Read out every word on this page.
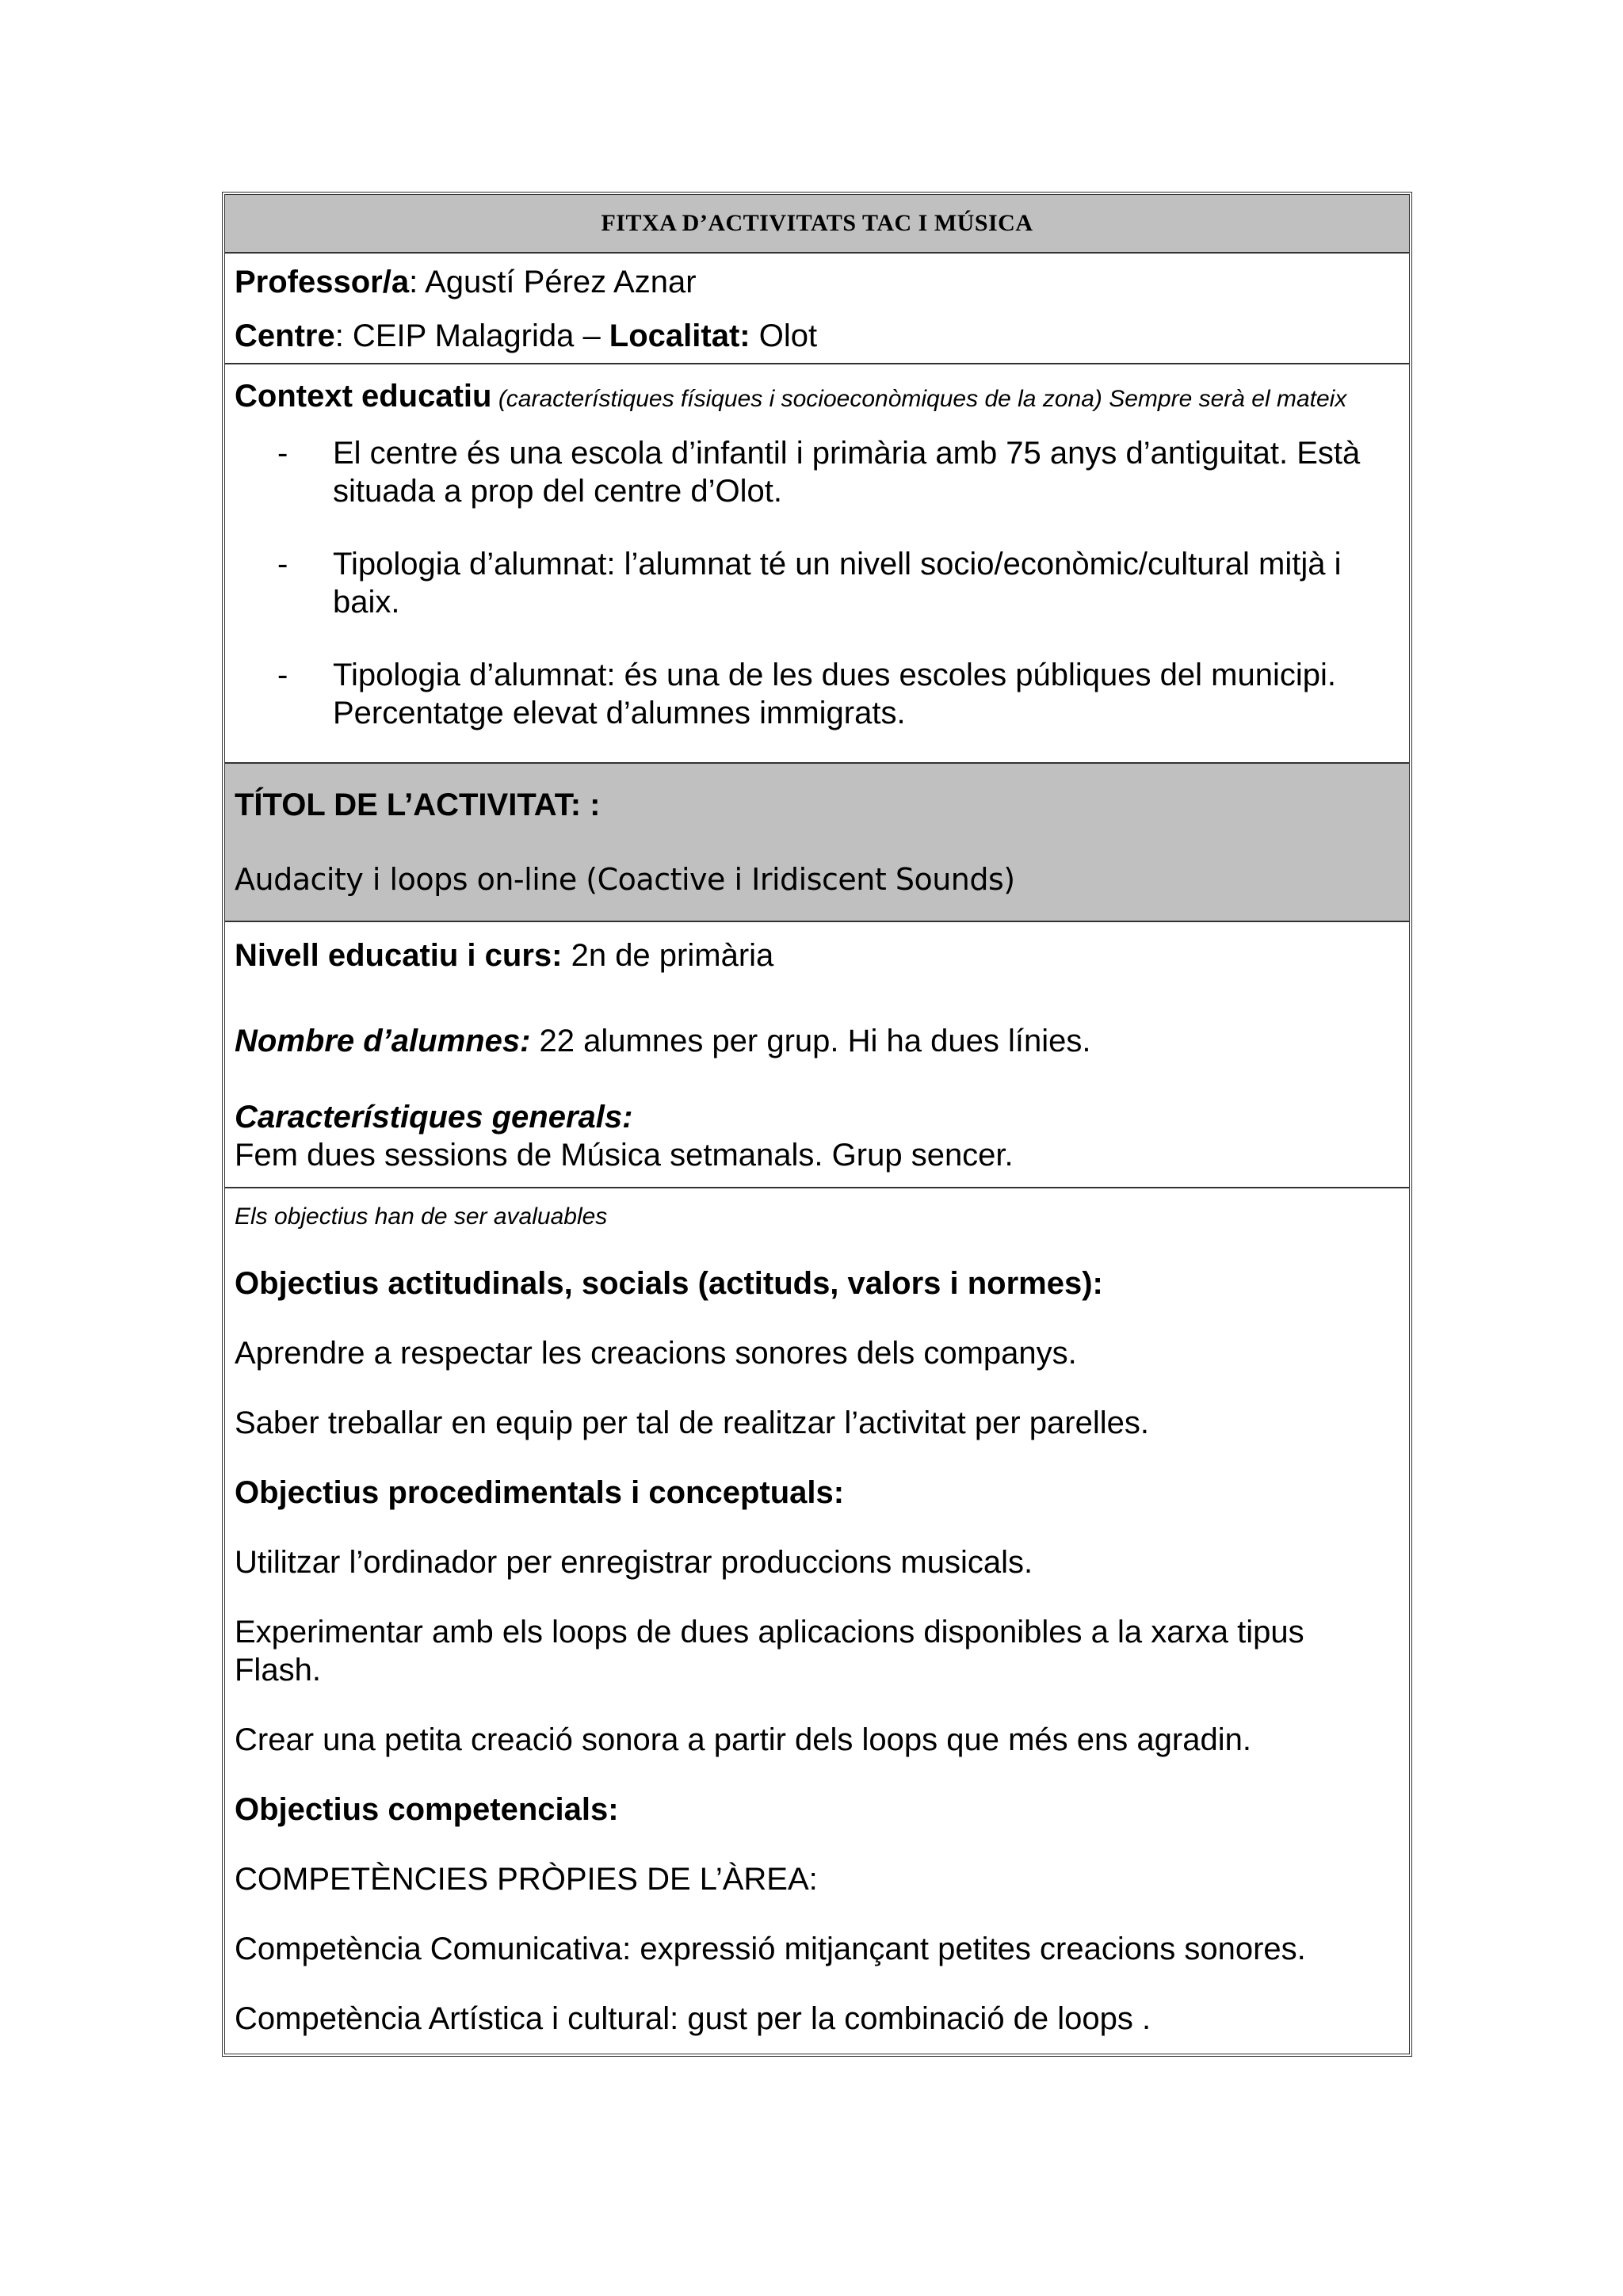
FITXA D’ACTIVITATS TAC I MÚSICA

Professor/a: Agustí Pérez Aznar

Centre: CEIP Malagrida – Localitat: Olot

Context educatiu (característiques físiques i socioeconòmiques de la zona) Sempre serà el mateix

- El centre és una escola d’infantil i primària amb 75 anys d’antiguitat. Està situada a prop del centre d’Olot.
- Tipologia d’alumnat: l’alumnat té un nivell socio/econòmic/cultural mitjà i baix.
- Tipologia d’alumnat: és una de les dues escoles públiques del municipi. Percentatge elevat d’alumnes immigrats.
TÍTOL DE L’ACTIVITAT: :
Audacity i loops on-line (Coactive i Iridiscent Sounds)

Nivell educatiu i curs: 2n de primària

Nombre d’alumnes: 22 alumnes per grup. Hi ha dues línies.

Característiques generals:

Fem dues sessions de Música setmanals. Grup sencer.

Els objectius han de ser avaluables

Objectius actitudinals, socials (actituds, valors i normes):

Aprendre a respectar les creacions sonores dels companys.

Saber treballar en equip per tal de realitzar l’activitat per parelles.

Objectius procedimentals i conceptuals:

Utilitzar l’ordinador per enregistrar produccions musicals.

Experimentar amb els loops de dues aplicacions disponibles a la xarxa tipus Flash.

Crear una petita creació sonora a partir dels loops que més ens agradin.

Objectius competencials:

COMPETÈNCIES PRÒPIES DE L’ÀREA:

Competència Comunicativa: expressió mitjançant petites creacions sonores.

Competència Artística i cultural: gust per la combinació de loops .
